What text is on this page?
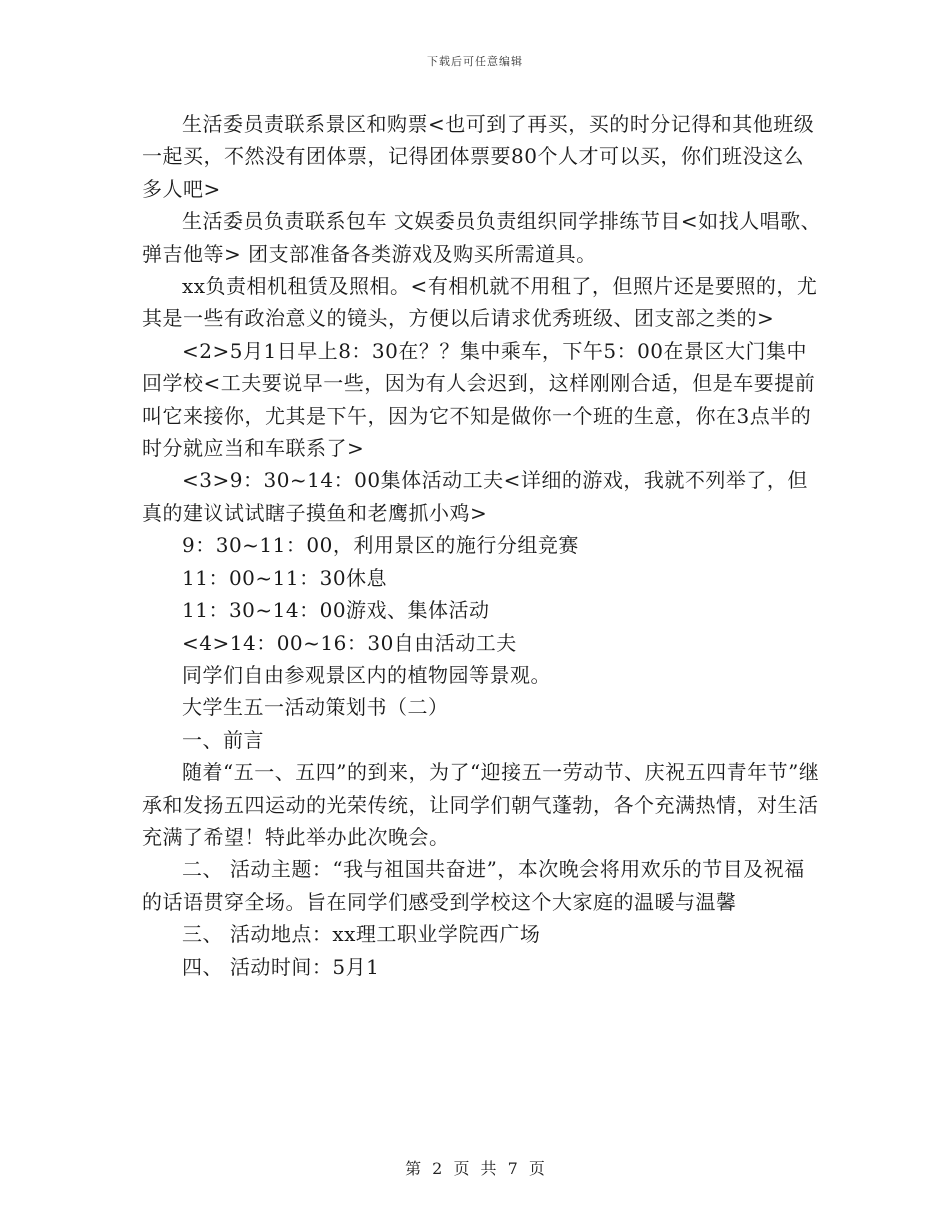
下载后可任意编辑

生活委员责联系景区和购票<也可到了再买，买的时分记得和其他班级一起买，不然没有团体票，记得团体票要80个人才可以买，你们班没这么多人吧>

生活委员负责联系包车 文娱委员负责组织同学排练节目<如找人唱歌、弹吉他等> 团支部准备各类游戏及购买所需道具。

xx负责相机租赁及照相。<有相机就不用租了，但照片还是要照的，尤其是一些有政治意义的镜头，方便以后请求优秀班级、团支部之类的>

<2>5月1日早上8：30在？？集中乘车，下午5：00在景区大门集中回学校<工夫要说早一些，因为有人会迟到，这样刚刚合适，但是车要提前叫它来接你，尤其是下午，因为它不知是做你一个班的生意，你在3点半的时分就应当和车联系了>

<3>9：30~14：00集体活动工夫<详细的游戏，我就不列举了，但真的建议试试瞎子摸鱼和老鹰抓小鸡>

9：30~11：00，利用景区的施行分组竞赛

11：00~11：30休息

11：30~14：00游戏、集体活动

<4>14：00~16：30自由活动工夫

同学们自由参观景区内的植物园等景观。

大学生五一活动策划书（二）

一、前言

随着“五一、五四”的到来，为了“迎接五一劳动节、庆祝五四青年节”继承和发扬五四运动的光荣传统，让同学们朝气蓬勃，各个充满热情，对生活充满了希望！特此举办此次晚会。

二、 活动主题：“我与祖国共奋进”，本次晚会将用欢乐的节目及祝福的话语贯穿全场。旨在同学们感受到学校这个大家庭的温暖与温馨

三、 活动地点：xx理工职业学院西广场

四、 活动时间：5月1

第 2 页 共 7 页
